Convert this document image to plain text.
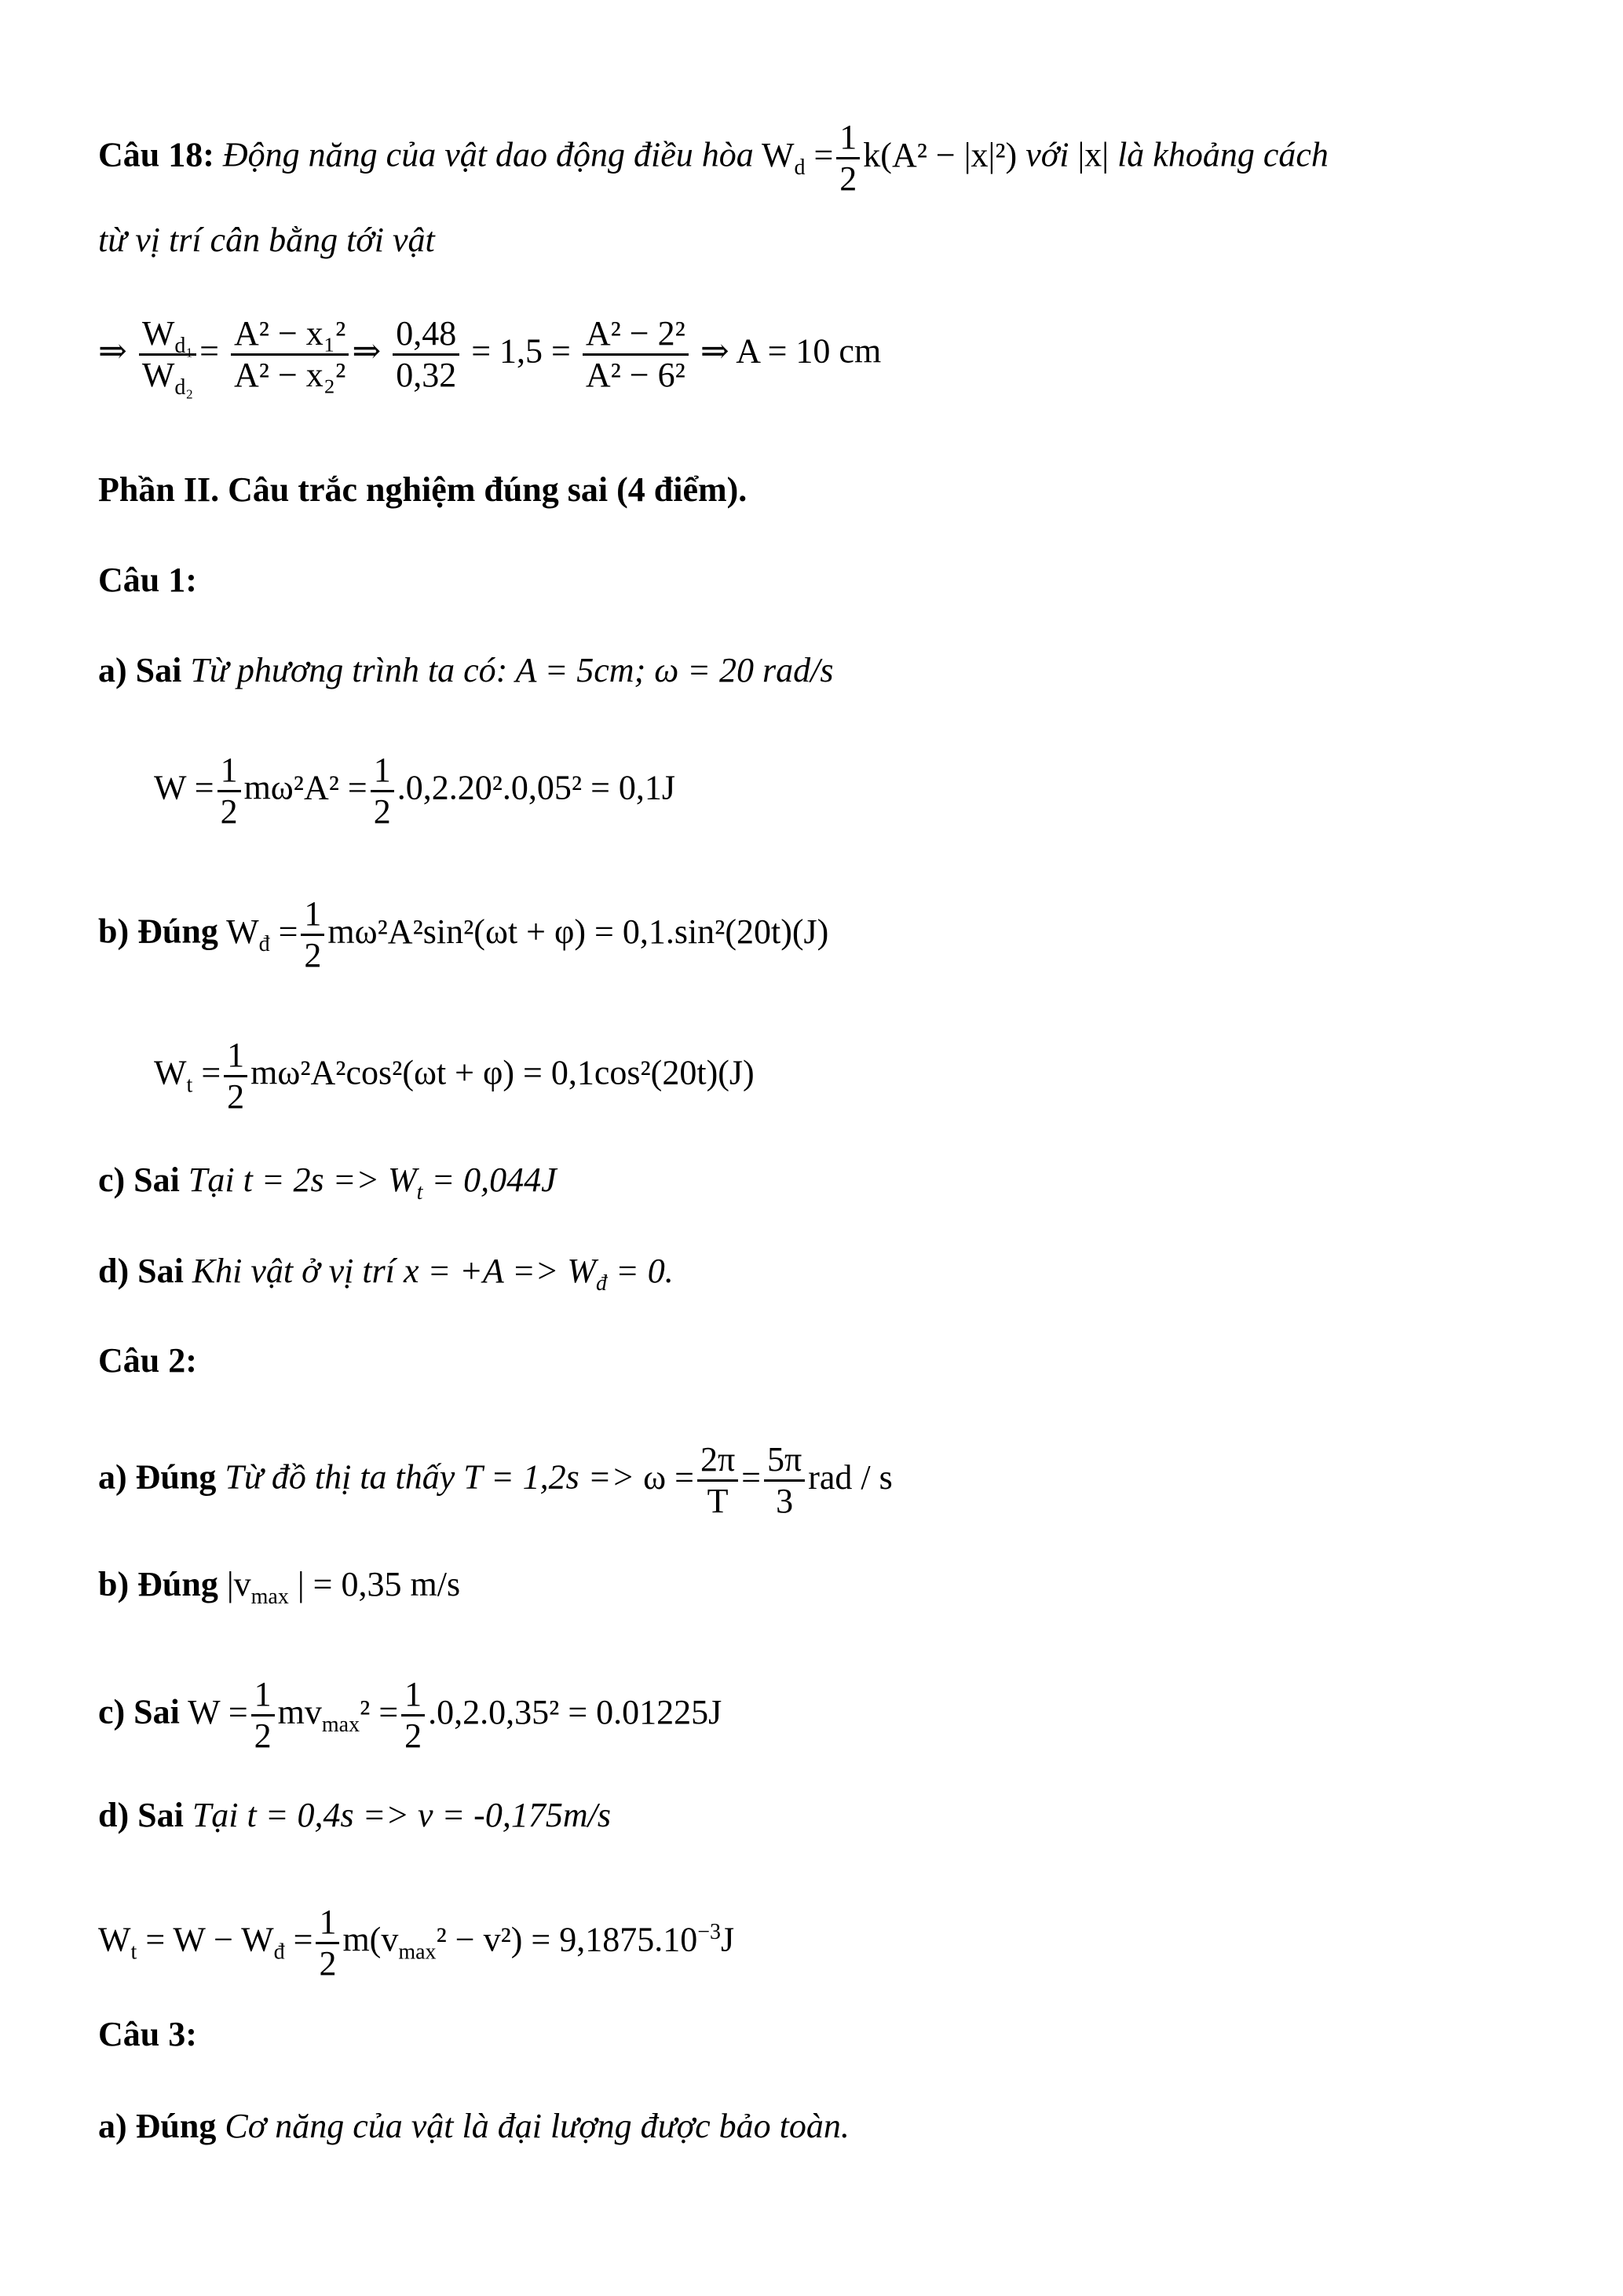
Câu 18: Động năng của vật dao động điều hòa $W_d = \frac{1}{2} k(A^2 - |x|^2)$ với |x| là khoảng cách
từ vị trí cân bằng tới vật
⇒ $\frac{W_{d_1}}{W_{d_2}} = \frac{\text{A² − x₁²}}{\text{A² − x₂²}}$ ⇒ $\frac{0,48}{0,32} = 1,5 = \frac{\text{A² − 2²}}{\text{A² − 6²}}$ ⇒ A = 10 cm
Phần II. Câu trắc nghiệm đúng sai (4 điểm).
Câu 1:
a) Sai Từ phương trình ta có: A = 5cm; ω = 20 rad/s
$W = \frac{1}{2} m\omega^2A^2 = \frac{1}{2} .0,2.20^2.0,05^2 = 0,1J$
b) Đúng $W_đ = \frac{1}{2} m\omega^2A^2\sin^2(\omega t + \varphi) = 0,1.\sin^2(20t)(J)$
$W_t = \frac{1}{2} m\omega^2A^2\cos^2(\omega t + \varphi) = 0,1\cos^2(20t)(J)$
c) Sai Tại $t = 2s => W_t = 0,044J$
d) Sai Khi vật ở vị trí $x = +A => W_đ = 0$.
Câu 2:
a) Đúng Từ đồ thị ta thấy $T = 1,2s => \omega = \frac{2\pi}{T} = \frac{5\pi}{3}$ rad / s
b) Đúng $|v_{max}$ | = 0,35 m/s
c) Sai $W = \frac{1}{2} mv_{max}^2 = \frac{1}{2} .0,2.0,35^2 = 0.01225J$
d) Sai Tại t = 0,4s => v = -0,175m/s
$W_t = W - W_đ = \frac{1}{2} m(v_{max}^2 - v^2) = 9,1875.10^{-3}J$
Câu 3:
a) Đúng Cơ năng của vật là đại lượng được bảo toàn.
